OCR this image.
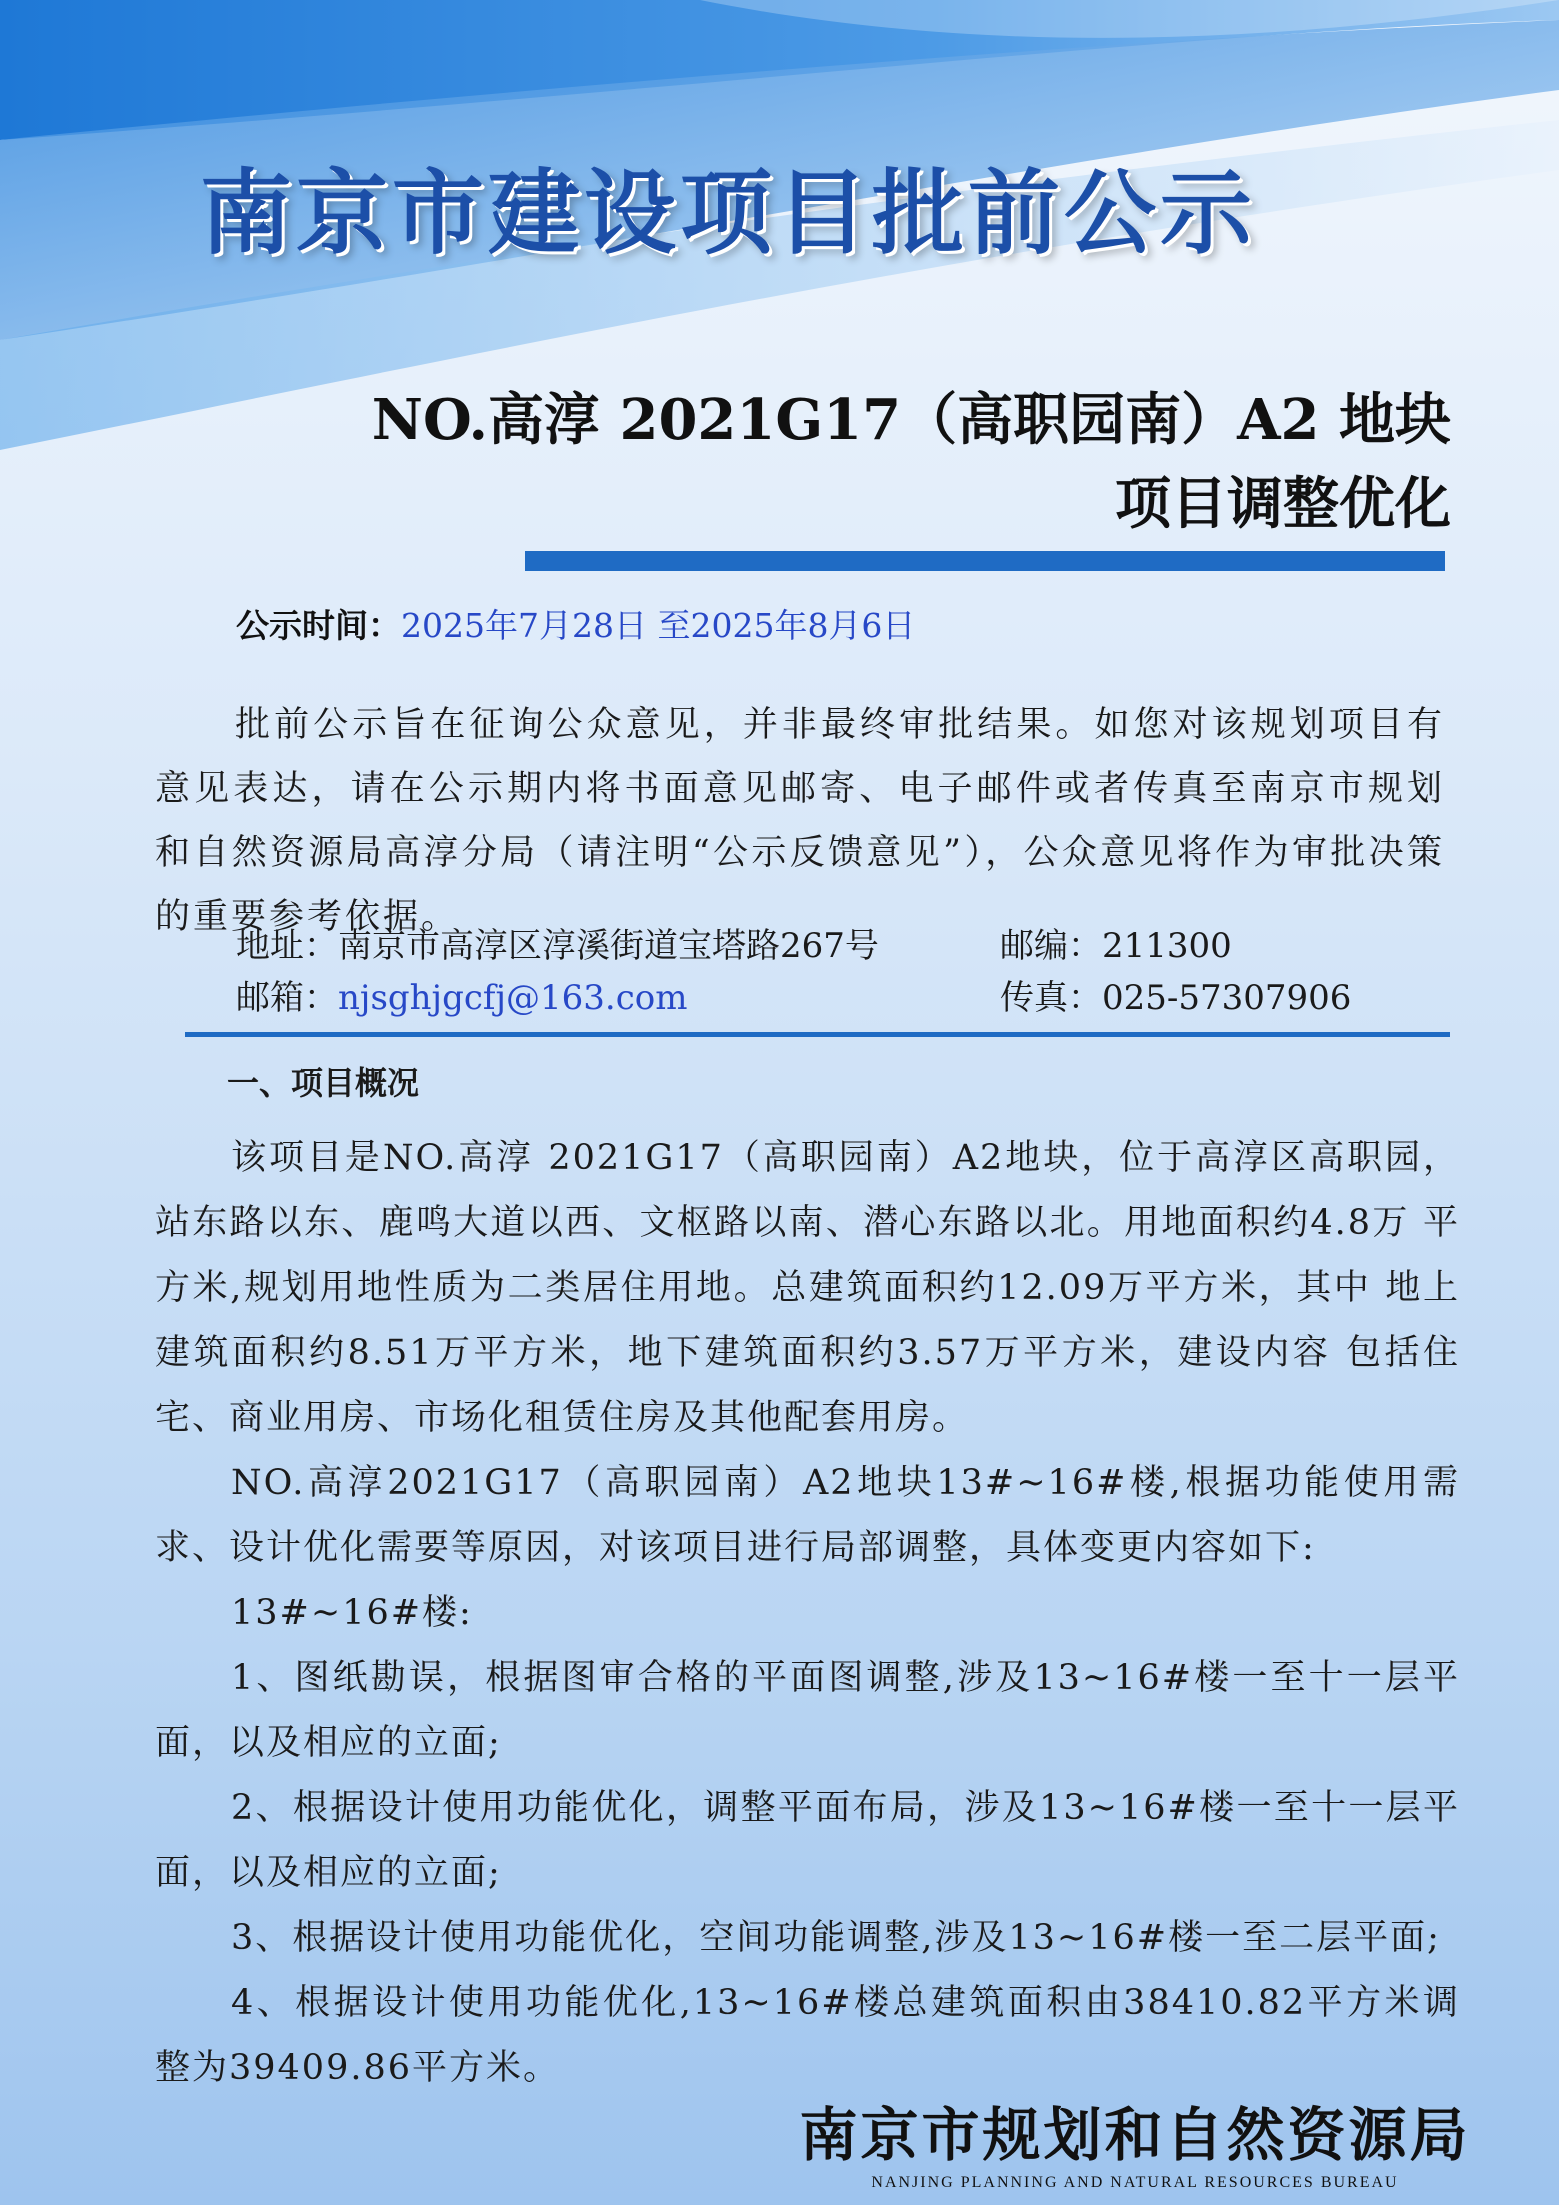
南京市建设项目批前公示
NO.高淳 2021G17（高职园南）A2 地块
项目调整优化
公示时间：2025年7月28日 至2025年8月6日

批前公示旨在征询公众意见，并非最终审批结果。如您对该规划项目有意见表达，请在公示期内将书面意见邮寄、电子邮件或者传真至南京市规划和自然资源局高淳分局（请注明“公示反馈意见”），公众意见将作为审批决策的重要参考依据。

地址：南京市高淳区淳溪街道宝塔路267号	邮编：211300
邮箱：njsghjgcfj@163.com	传真：025-57307906
一、项目概况

该项目是NO.高淳 2021G17（高职园南）A2地块，位于高淳区高职园，站东路以东、鹿鸣大道以西、文枢路以南、潜心东路以北。用地面积约4.8万 平方米,规划用地性质为二类居住用地。总建筑面积约12.09万平方米，其中 地上建筑面积约8.51万平方米，地下建筑面积约3.57万平方米，建设内容 包括住宅、商业用房、市场化租赁住房及其他配套用房。

NO.高淳2021G17（高职园南）A2地块13#~16#楼,根据功能使用需求、设计优化需要等原因，对该项目进行局部调整，具体变更内容如下:

13#~16#楼:

1、图纸勘误，根据图审合格的平面图调整,涉及13~16#楼一至十一层平面，以及相应的立面;

2、根据设计使用功能优化，调整平面布局，涉及13~16#楼一至十一层平面，以及相应的立面;

3、根据设计使用功能优化，空间功能调整,涉及13~16#楼一至二层平面;

4、根据设计使用功能优化,13~16#楼总建筑面积由38410.82平方米调整为39409.86平方米。

南京市规划和自然资源局
NANJING PLANNING AND NATURAL RESOURCES BUREAU
